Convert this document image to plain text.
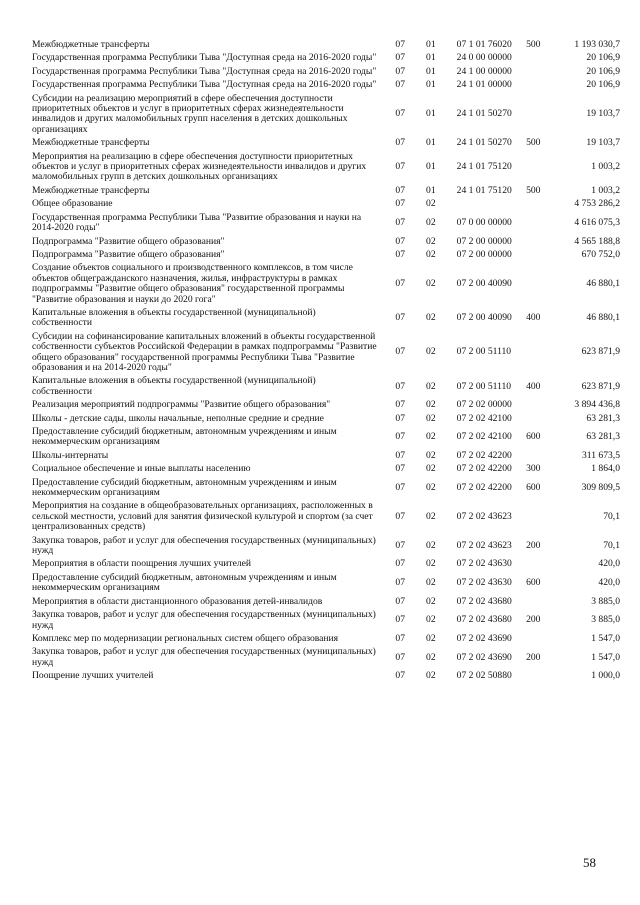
Межбюджетные трансферты	07	01	07 1 01 76020	500	1 193 030,7
Государственная программа Республики Тыва "Доступная среда на 2016-2020 годы"	07	01	24 0 00 00000		20 106,9
Государственная программа Республики Тыва "Доступная среда на 2016-2020 годы"	07	01	24 1 00 00000		20 106,9
Государственная программа Республики Тыва "Доступная среда на 2016-2020 годы"	07	01	24 1 01 00000		20 106,9
Субсидии на реализацию мероприятий в сфере обеспечения доступности приоритетных объектов и услуг в приоритетных сферах жизнедеятельности инвалидов и других маломобильных групп населения в детских дошкольных организациях	07	01	24 1 01 50270		19 103,7
Межбюджетные трансферты	07	01	24 1 01 50270	500	19 103,7
Мероприятия на реализацию в сфере обеспечения доступности приоритетных объектов и услуг в приоритетных сферах жизнедеятельности инвалидов и других маломобильных групп в детских дошкольных организациях	07	01	24 1 01 75120		1 003,2
Межбюджетные трансферты	07	01	24 1 01 75120	500	1 003,2
Общее образование	07	02			4 753 286,2
Государственная программа Республики Тыва "Развитие образования и науки на 2014-2020 годы"	07	02	07 0 00 00000		4 616 075,3
Подпрограмма "Развитие общего образования"	07	02	07 2 00 00000		4 565 188,8
Подпрограмма "Развитие общего образования"	07	02	07 2 00 00000		670 752,0
Создание объектов социального и производственного комплексов, в том числе объектов общегражданского назначения, жилья, инфраструктуры в рамках подпрограммы "Развитие общего образования" государственной программы "Развитие образования и науки до 2020 гога"	07	02	07 2 00 40090		46 880,1
Капитальные вложения в объекты государственной (муниципальной) собственности	07	02	07 2 00 40090	400	46 880,1
Субсидии на софинансирование капитальных вложений в объекты государственной собственности субъектов Российской Федерации в рамках подпрограммы "Развитие общего образования" государственной программы Республики Тыва "Развитие образования и на 2014-2020 годы"	07	02	07 2 00 51110		623 871,9
Капитальные вложения в объекты государственной (муниципальной) собственности	07	02	07 2 00 51110	400	623 871,9
Реализация мероприятий подпрограммы "Развитие общего образования"	07	02	07 2 02 00000		3 894 436,8
Школы - детские сады, школы начальные, неполные средние и средние	07	02	07 2 02 42100		63 281,3
Предоставление субсидий бюджетным, автономным учреждениям и иным некоммерческим организациям	07	02	07 2 02 42100	600	63 281,3
Школы-интернаты	07	02	07 2 02 42200		311 673,5
Социальное обеспечение и иные выплаты населению	07	02	07 2 02 42200	300	1 864,0
Предоставление субсидий бюджетным, автономным учреждениям и иным некоммерческим организациям	07	02	07 2 02 42200	600	309 809,5
Мероприятия на создание в общеобразовательных организациях, расположенных в сельской местности, условий для занятия физической культурой и спортом (за счет централизованных средств)	07	02	07 2 02 43623		70,1
Закупка товаров, работ и услуг для обеспечения государственных (муниципальных) нужд	07	02	07 2 02 43623	200	70,1
Мероприятия в области поощрения лучших учителей	07	02	07 2 02 43630		420,0
Предоставление субсидий бюджетным, автономным учреждениям и иным некоммерческим организациям	07	02	07 2 02 43630	600	420,0
Мероприятия в области дистанционного образования детей-инвалидов	07	02	07 2 02 43680		3 885,0
Закупка товаров, работ и услуг для обеспечения государственных (муниципальных) нужд	07	02	07 2 02 43680	200	3 885,0
Комплекс мер по модернизации региональных систем общего образования	07	02	07 2 02 43690		1 547,0
Закупка товаров, работ и услуг для обеспечения государственных (муниципальных) нужд	07	02	07 2 02 43690	200	1 547,0
Поощрение лучших учителей	07	02	07 2 02 50880		1 000,0
58
